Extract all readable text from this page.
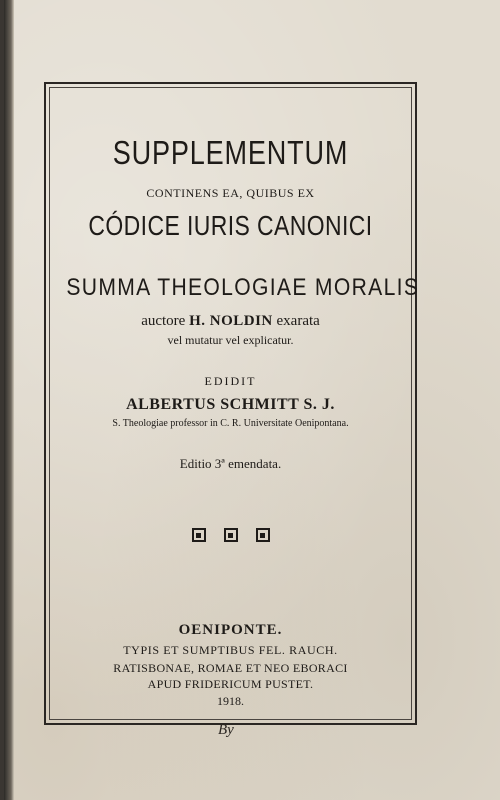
SUPPLEMENTUM
CONTINENS EA, QUIBUS EX
CÓDICE IURIS CANONICI
SUMMA THEOLOGIAE MORALIS
auctore H. NOLDIN exarata
vel mutatur vel explicatur.
EDIDIT
ALBERTUS SCHMITT S. J.
S. Theologiae professor in C. R. Universitate Oenipontana.
Editio 3ª emendata.
OENIPONTE.
TYPIS ET SUMPTIBUS FEL. RAUCH.
RATISBONAE, ROMAE ET NEO EBORACI
APUD FRIDERICUM PUSTET.
1918.
By
